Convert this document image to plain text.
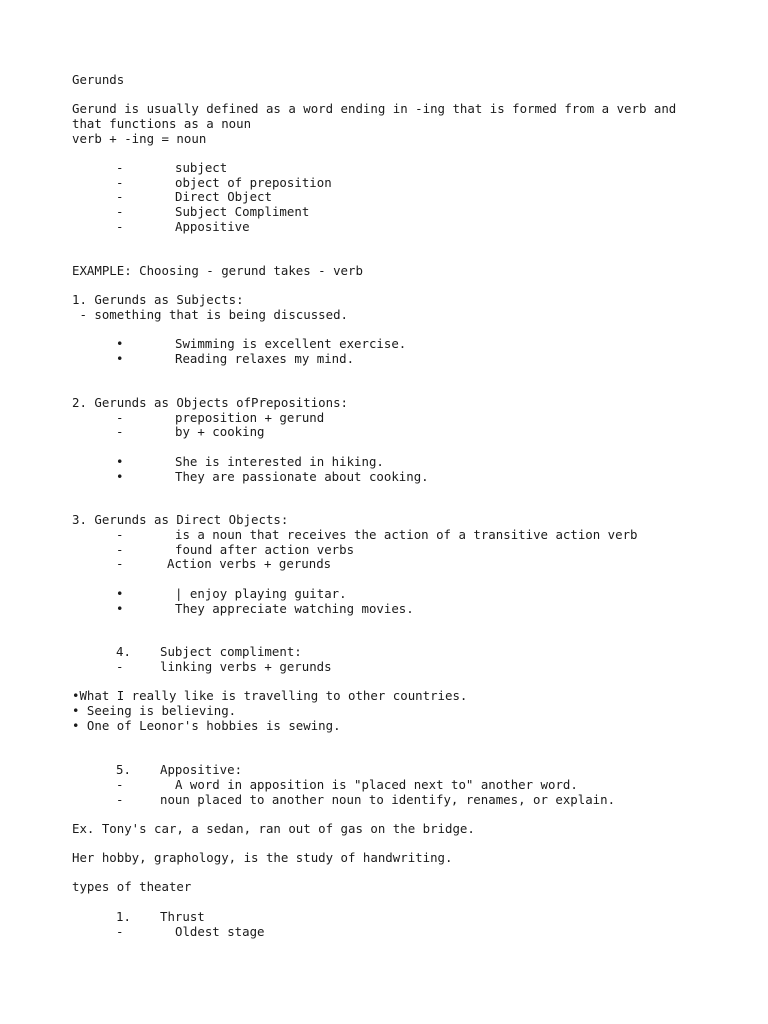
Gerunds
Gerund is usually defined as a word ending in -ing that is formed from a verb and
that functions as a noun
verb + -ing = noun
-	subject
-	object of preposition
-	Direct Object
-	Subject Compliment
-	Appositive
EXAMPLE: Choosing - gerund takes - verb
1. Gerunds as Subjects:
- something that is being discussed.
•	Swimming is excellent exercise.
•	Reading relaxes my mind.
2. Gerunds as Objects ofPrepositions:
-	preposition + gerund
-	by + cooking
•	She is interested in hiking.
•	They are passionate about cooking.
3. Gerunds as Direct Objects:
-	is a noun that receives the action of a transitive action verb
-	found after action verbs
-	Action verbs + gerunds
•	| enjoy playing guitar.
•	They appreciate watching movies.
4. Subject compliment:
-	linking verbs + gerunds
•What I really like is travelling to other countries.
• Seeing is believing.
• One of Leonor's hobbies is sewing.
5. Appositive:
-	A word in apposition is "placed next to" another word.
-	noun placed to another noun to identify, renames, or explain.
Ex. Tony's car, a sedan, ran out of gas on the bridge.
Her hobby, graphology, is the study of handwriting.
types of theater
1. Thrust
-	Oldest stage
